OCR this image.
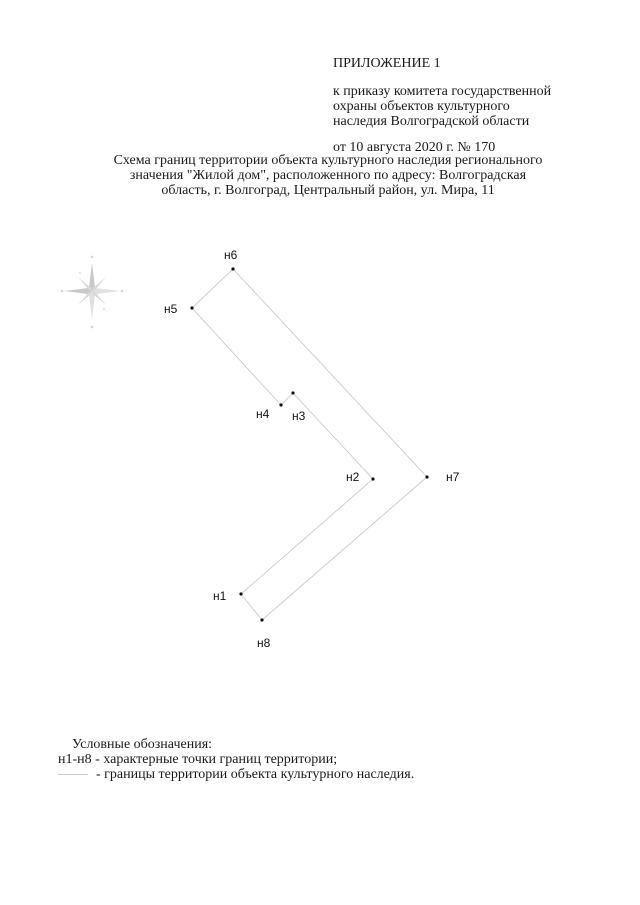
ПРИЛОЖЕНИЕ 1
к приказу комитета государственной
охраны объектов культурного
наследия Волгоградской области
от 10 августа 2020 г. № 170
Схема границ территории объекта культурного наследия регионального
значения "Жилой дом", расположенного по адресу: Волгоградская
область, г. Волгоград, Центральный район, ул. Мира, 11
н1
н2
н3
н4
н5
н6
н7
н8
Условные обозначения:
н1-н8 - характерные точки границ территории;
- границы территории объекта культурного наследия.
